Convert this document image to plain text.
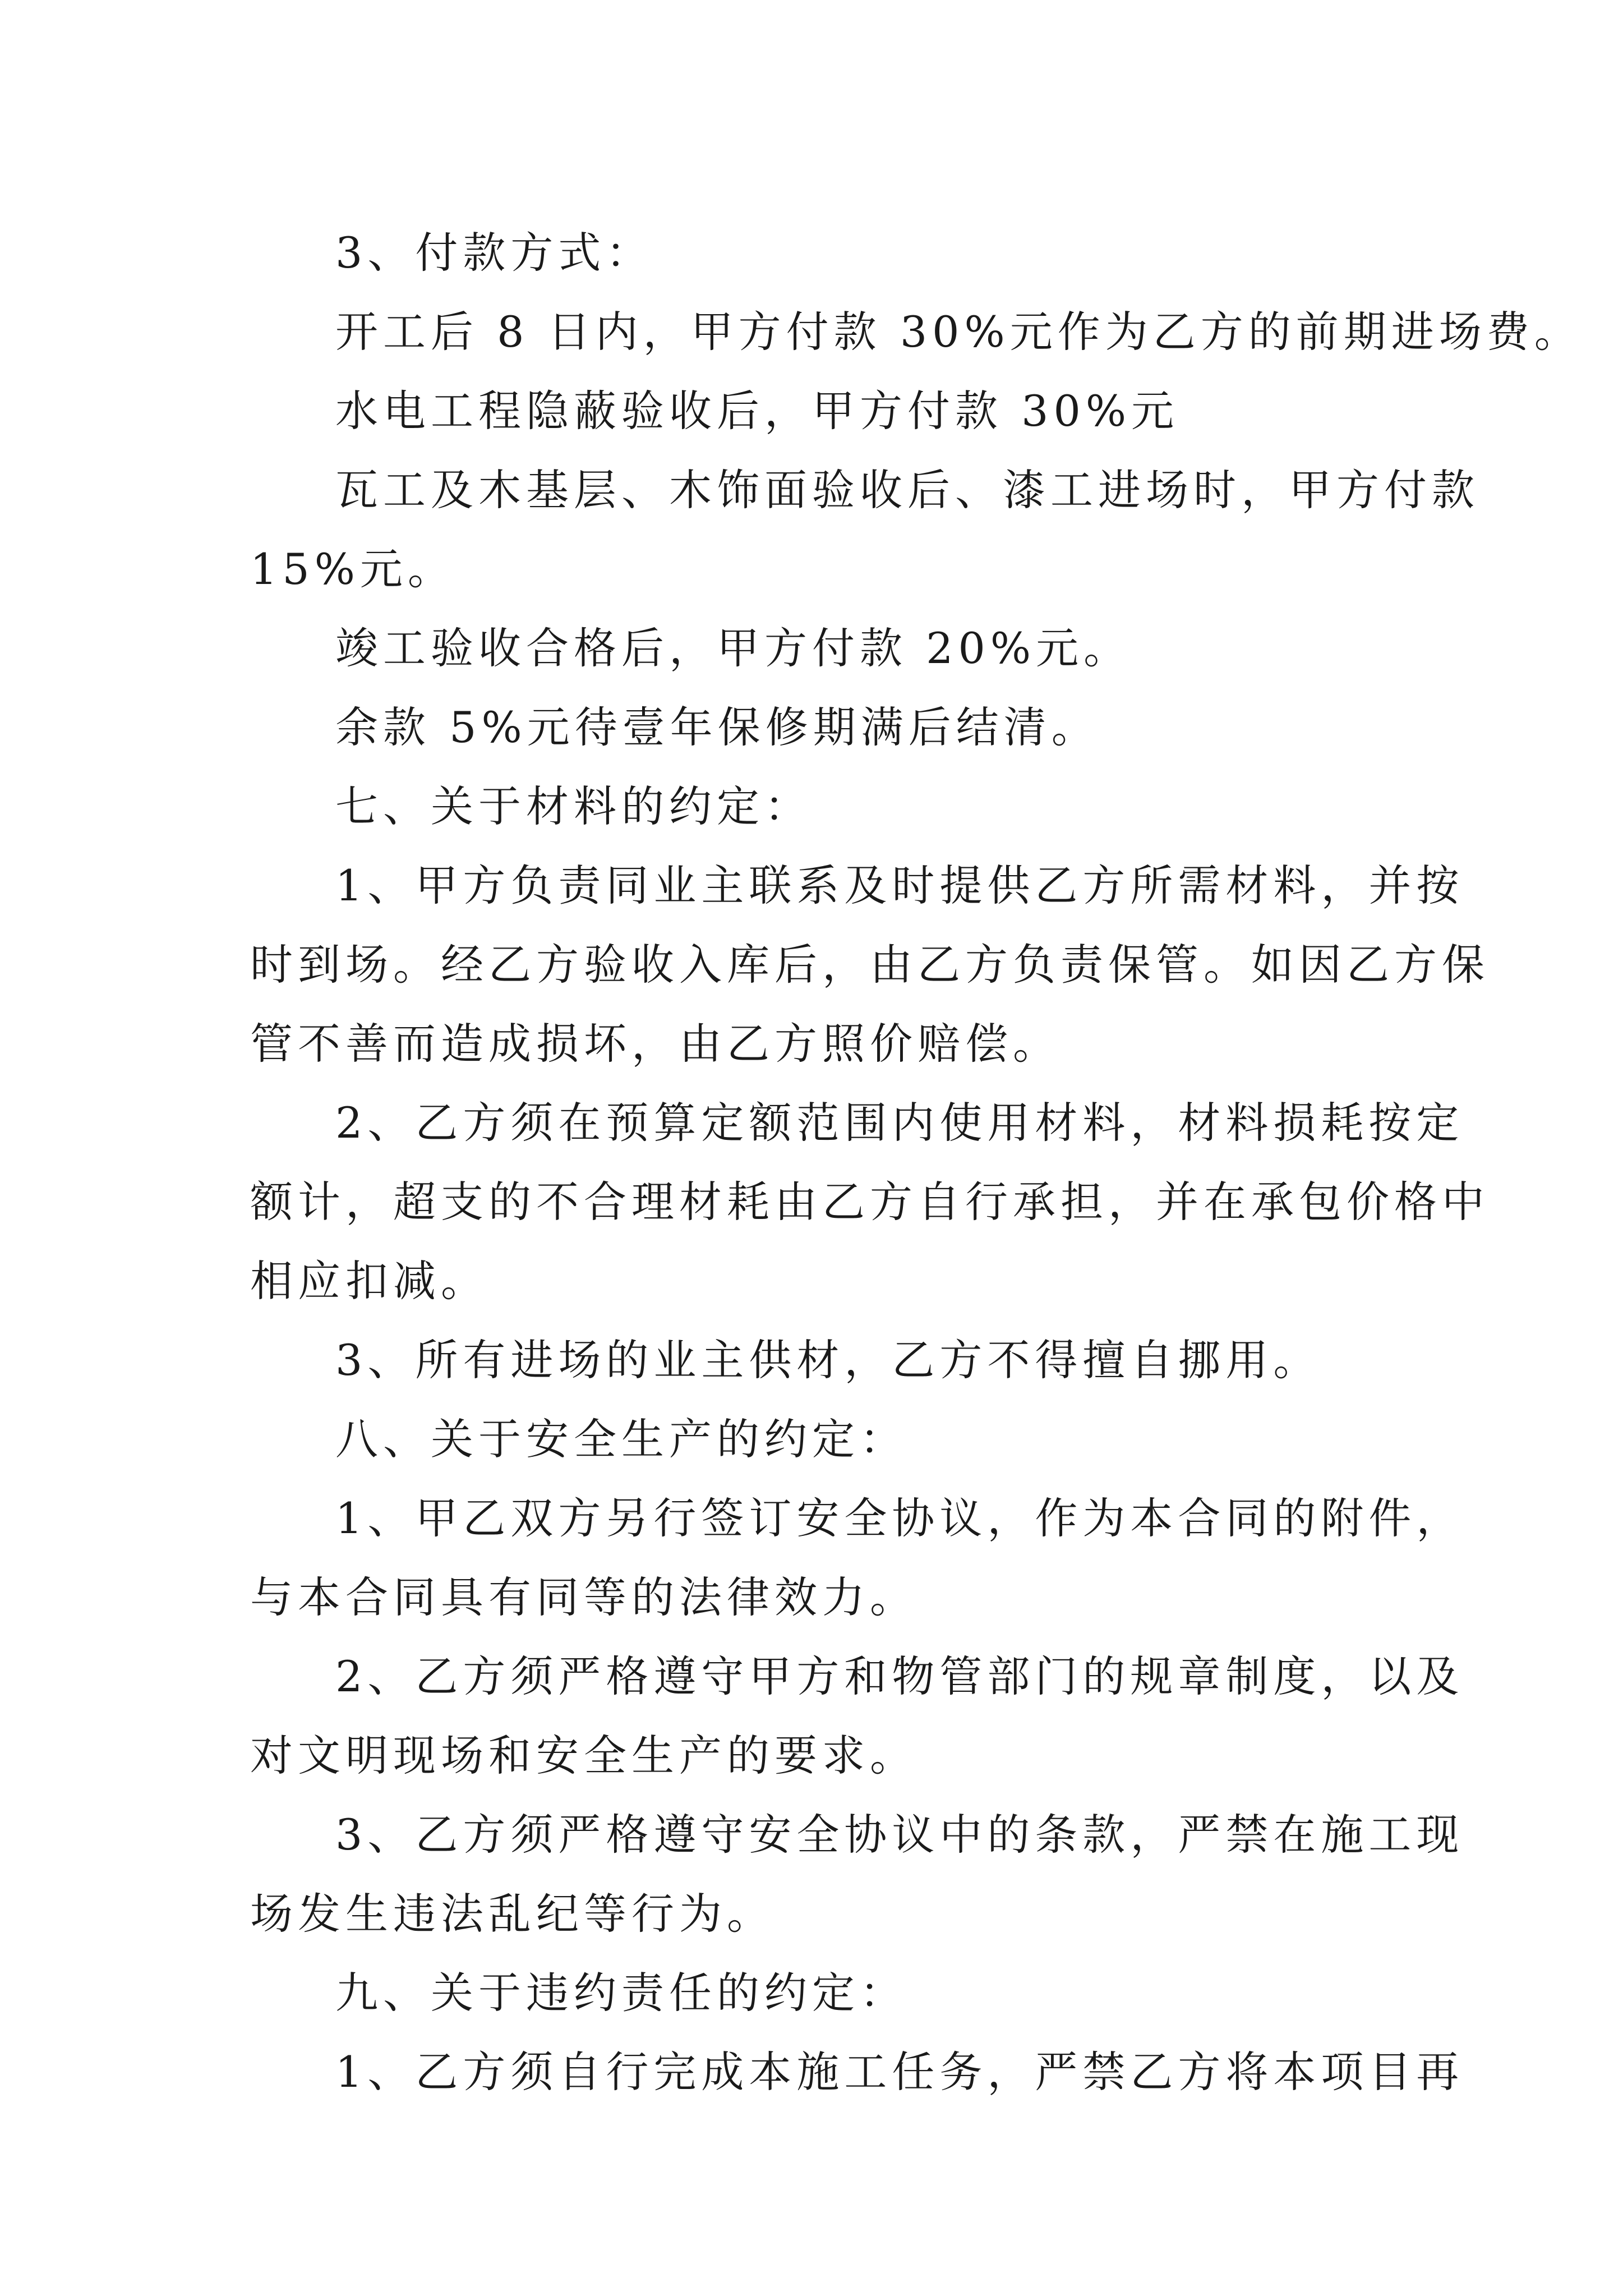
3、付款方式：
开工后 8 日内，甲方付款 30%元作为乙方的前期进场费。
水电工程隐蔽验收后，甲方付款 30%元
瓦工及木基层、木饰面验收后、漆工进场时，甲方付款
15%元。
竣工验收合格后，甲方付款 20%元。
余款 5%元待壹年保修期满后结清。
七、关于材料的约定：
1、甲方负责同业主联系及时提供乙方所需材料，并按
时到场。经乙方验收入库后，由乙方负责保管。如因乙方保
管不善而造成损坏，由乙方照价赔偿。
2、乙方须在预算定额范围内使用材料，材料损耗按定
额计，超支的不合理材耗由乙方自行承担，并在承包价格中
相应扣减。
3、所有进场的业主供材，乙方不得擅自挪用。
八、关于安全生产的约定：
1、甲乙双方另行签订安全协议，作为本合同的附件，
与本合同具有同等的法律效力。
2、乙方须严格遵守甲方和物管部门的规章制度，以及
对文明现场和安全生产的要求。
3、乙方须严格遵守安全协议中的条款，严禁在施工现
场发生违法乱纪等行为。
九、关于违约责任的约定：
1、乙方须自行完成本施工任务，严禁乙方将本项目再
